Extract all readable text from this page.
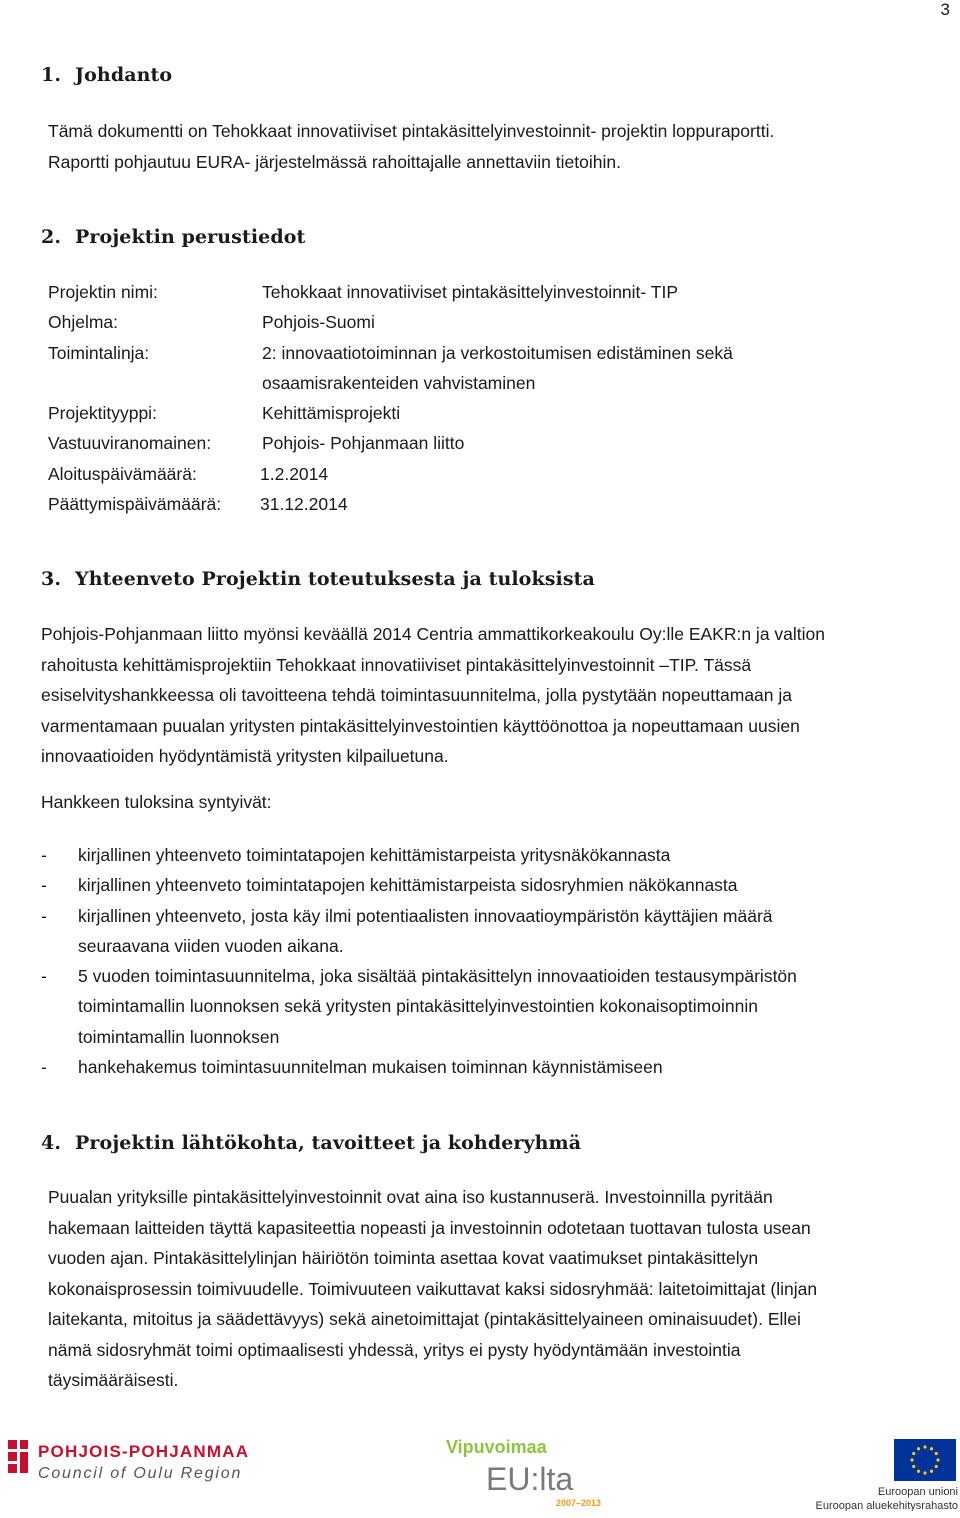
3
1. Johdanto
Tämä dokumentti on Tehokkaat innovatiiviset pintakäsittelyinvestoinnit- projektin loppuraportti.
Raportti pohjautuu EURA- järjestelmässä rahoittajalle annettaviin tietoihin.
2. Projektin perustiedot
Projektin nimi:	Tehokkaat innovatiiviset pintakäsittelyinvestoinnit- TIP
Ohjelma:	Pohjois-Suomi
Toimintalinja:	2: innovaatiotoiminnan ja verkostoitumisen edistäminen sekä
osaamisrakenteiden vahvistaminen
Projektityyppi:	Kehittämisprojekti
Vastuuviranomainen:	Pohjois- Pohjanmaan liitto
Aloituspäivämäärä:	1.2.2014
Päättymispäivämäärä: 31.12.2014
3. Yhteenveto Projektin toteutuksesta ja tuloksista
Pohjois-Pohjanmaan liitto myönsi keväällä 2014 Centria ammattikorkeakoulu Oy:lle EAKR:n ja valtion
rahoitusta kehittämisprojektiin Tehokkaat innovatiiviset pintakäsittelyinvestoinnit –TIP. Tässä
esiselvityshankkeessa oli tavoitteena tehdä toimintasuunnitelma, jolla pystytään nopeuttamaan ja
varmentamaan puualan yritysten pintakäsittelyinvestointien käyttöönottoa ja nopeuttamaan uusien
innovaatioiden hyödyntämistä yritysten kilpailuetuna.
Hankkeen tuloksina syntyivät:
- kirjallinen yhteenveto toimintatapojen kehittämistarpeista yritysnäkökannasta
- kirjallinen yhteenveto toimintatapojen kehittämistarpeista sidosryhmien näkökannasta
- kirjallinen yhteenveto, josta käy ilmi potentiaalisten innovaatioympäristön käyttäjien määrä
seuraavana viiden vuoden aikana.
- 5 vuoden toimintasuunnitelma, joka sisältää pintakäsittelyn innovaatioiden testausympäristön
toimintamallin luonnoksen sekä yritysten pintakäsittelyinvestointien kokonaisoptimoinnin
toimintamallin luonnoksen
- hankehakemus toimintasuunnitelman mukaisen toiminnan käynnistämiseen
4. Projektin lähtökohta, tavoitteet ja kohderyhmä
Puualan yrityksille pintakäsittelyinvestoinnit ovat aina iso kustannuserä. Investoinnilla pyritään
hakemaan laitteiden täyttä kapasiteettia nopeasti ja investoinnin odotetaan tuottavan tulosta usean
vuoden ajan. Pintakäsittelylinjan häiriötön toiminta asettaa kovat vaatimukset pintakäsittelyn
kokonaisprosessin toimivuudelle. Toimivuuteen vaikuttavat kaksi sidosryhmää: laitetoimittajat (linjan
laitekanta, mitoitus ja säädettävyys) sekä ainetoimittajat (pintakäsittelyaineen ominaisuudet). Ellei
nämä sidosryhmät toimi optimaalisesti yhdessä, yritys ei pysty hyödyntämään investointia
täysimääräisesti.
POHJOIS-POHJANMAA
Council of Oulu Region
Vipuvoimaa
EU:lta
2007–2013
Euroopan unioni
Euroopan aluekehitysrahasto
